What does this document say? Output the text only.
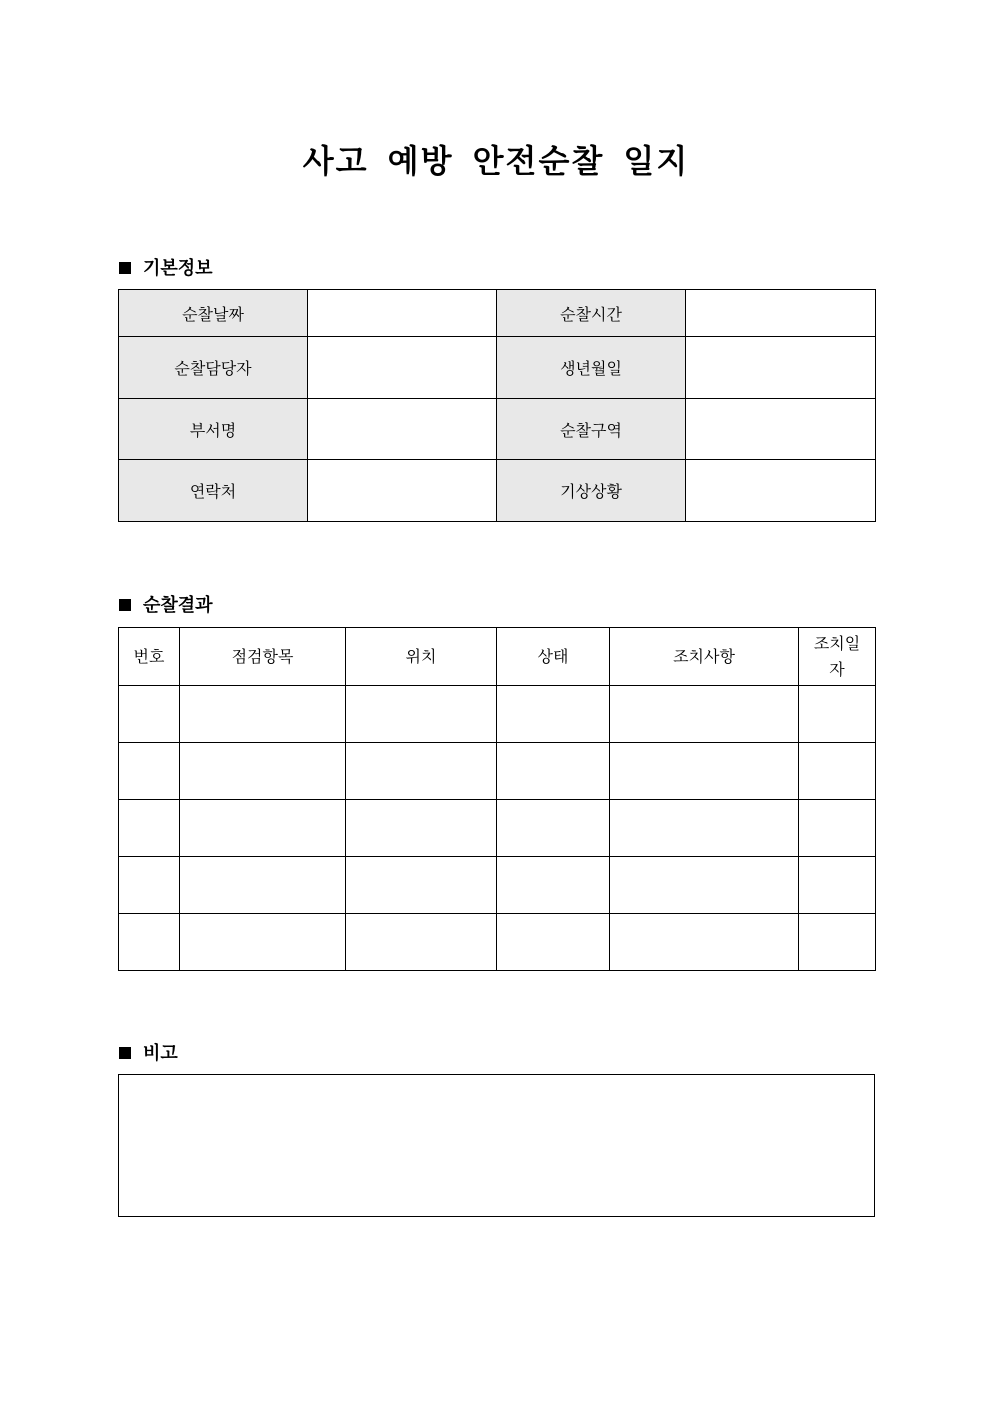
사고 예방 안전순찰 일지
기본정보
순찰날짜		순찰시간	
순찰담당자		생년월일	
부서명		순찰구역	
연락처		기상상황	
순찰결과
번호	점검항목	위치	상태	조치사항	조치일자

비고
